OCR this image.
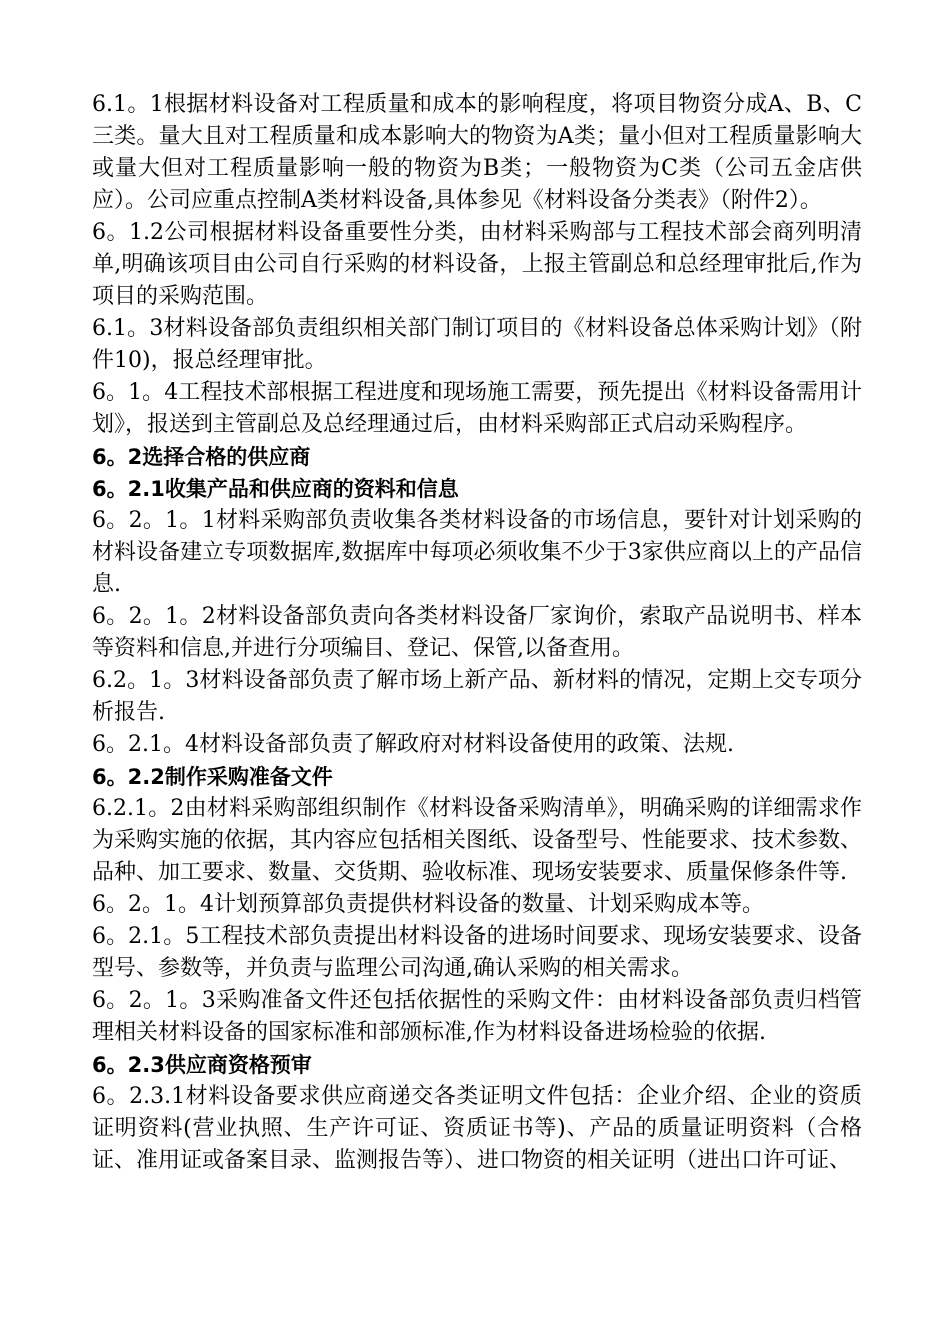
6.1。1根据材料设备对工程质量和成本的影响程度，将项目物资分成A、B、C三类。量大且对工程质量和成本影响大的物资为A类；量小但对工程质量影响大或量大但对工程质量影响一般的物资为B类；一般物资为C类（公司五金店供应）。公司应重点控制A类材料设备,具体参见《材料设备分类表》（附件2）。

6。1.2公司根据材料设备重要性分类，由材料采购部与工程技术部会商列明清单,明确该项目由公司自行采购的材料设备，上报主管副总和总经理审批后,作为项目的采购范围。

6.1。3材料设备部负责组织相关部门制订项目的《材料设备总体采购计划》（附件10)，报总经理审批。

6。1。4工程技术部根据工程进度和现场施工需要，预先提出《材料设备需用计划》，报送到主管副总及总经理通过后，由材料采购部正式启动采购程序。

6。2选择合格的供应商

6。2.1收集产品和供应商的资料和信息

6。2。1。1材料采购部负责收集各类材料设备的市场信息，要针对计划采购的材料设备建立专项数据库,数据库中每项必须收集不少于3家供应商以上的产品信息.

6。2。1。2材料设备部负责向各类材料设备厂家询价，索取产品说明书、样本等资料和信息,并进行分项编目、登记、保管,以备查用。

6.2。1。3材料设备部负责了解市场上新产品、新材料的情况，定期上交专项分析报告.

6。2.1。4材料设备部负责了解政府对材料设备使用的政策、法规.

6。2.2制作采购准备文件

6.2.1。2由材料采购部组织制作《材料设备采购清单》，明确采购的详细需求作为采购实施的依据，其内容应包括相关图纸、设备型号、性能要求、技术参数、品种、加工要求、数量、交货期、验收标准、现场安装要求、质量保修条件等.

6。2。1。4计划预算部负责提供材料设备的数量、计划采购成本等。

6。2.1。5工程技术部负责提出材料设备的进场时间要求、现场安装要求、设备型号、参数等，并负责与监理公司沟通,确认采购的相关需求。

6。2。1。3采购准备文件还包括依据性的采购文件：由材料设备部负责归档管理相关材料设备的国家标准和部颁标准,作为材料设备进场检验的依据.

6。2.3供应商资格预审

6。2.3.1材料设备要求供应商递交各类证明文件包括：企业介绍、企业的资质证明资料(营业执照、生产许可证、资质证书等)、产品的质量证明资料（合格证、准用证或备案目录、监测报告等）、进口物资的相关证明（进出口许可证、
